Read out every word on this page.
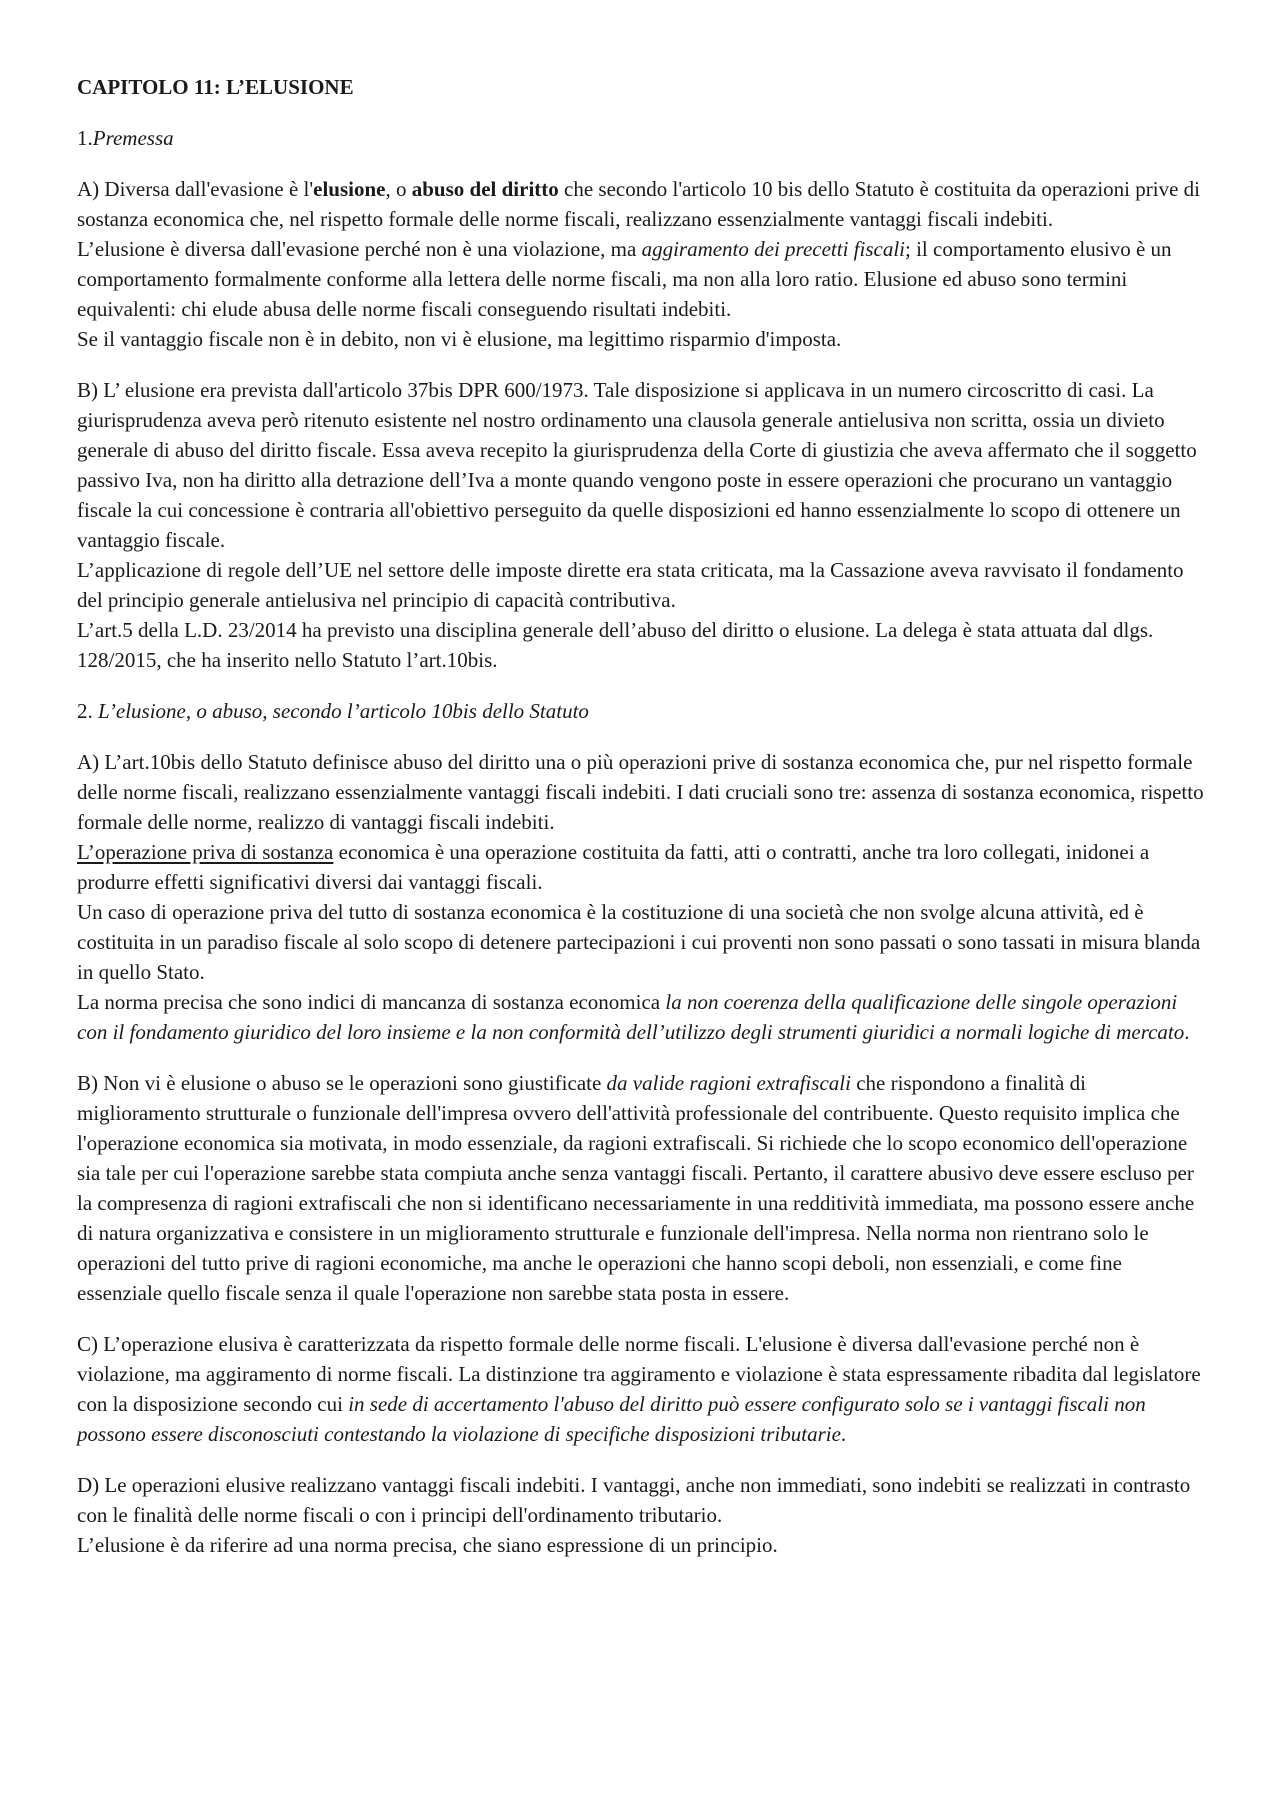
CAPITOLO 11: L’ELUSIONE
1.Premessa

A) Diversa dall'evasione è l'elusione, o abuso del diritto che secondo l'articolo 10 bis dello Statuto è costituita da operazioni prive di sostanza economica che, nel rispetto formale delle norme fiscali, realizzano essenzialmente vantaggi fiscali indebiti.

L’elusione è diversa dall'evasione perché non è una violazione, ma aggiramento dei precetti fiscali; il comportamento elusivo è un comportamento formalmente conforme alla lettera delle norme fiscali, ma non alla loro ratio. Elusione ed abuso sono termini equivalenti: chi elude abusa delle norme fiscali conseguendo risultati indebiti.

Se il vantaggio fiscale non è in debito, non vi è elusione, ma legittimo risparmio d'imposta.

B) L’ elusione era prevista dall'articolo 37bis DPR 600/1973. Tale disposizione si applicava in un numero circoscritto di casi. La giurisprudenza aveva però ritenuto esistente nel nostro ordinamento una clausola generale antielusiva non scritta, ossia un divieto generale di abuso del diritto fiscale. Essa aveva recepito la giurisprudenza della Corte di giustizia che aveva affermato che il soggetto passivo Iva, non ha diritto alla detrazione dell’Iva a monte quando vengono poste in essere operazioni che procurano un vantaggio fiscale la cui concessione è contraria all'obiettivo perseguito da quelle disposizioni ed hanno essenzialmente lo scopo di ottenere un vantaggio fiscale.

L’applicazione di regole dell’UE nel settore delle imposte dirette era stata criticata, ma la Cassazione aveva ravvisato il fondamento del principio generale antielusiva nel principio di capacità contributiva.

L’art.5 della L.D. 23/2014 ha previsto una disciplina generale dell’abuso del diritto o elusione. La delega è stata attuata dal dlgs. 128/2015, che ha inserito nello Statuto l’art.10bis.

2. L’elusione, o abuso, secondo l’articolo 10bis dello Statuto

A) L’art.10bis dello Statuto definisce abuso del diritto una o più operazioni prive di sostanza economica che, pur nel rispetto formale delle norme fiscali, realizzano essenzialmente vantaggi fiscali indebiti. I dati cruciali sono tre: assenza di sostanza economica, rispetto formale delle norme, realizzo di vantaggi fiscali indebiti.

L’operazione priva di sostanza economica è una operazione costituita da fatti, atti o contratti, anche tra loro collegati, inidonei a produrre effetti significativi diversi dai vantaggi fiscali.

Un caso di operazione priva del tutto di sostanza economica è la costituzione di una società che non svolge alcuna attività, ed è costituita in un paradiso fiscale al solo scopo di detenere partecipazioni i cui proventi non sono passati o sono tassati in misura blanda in quello Stato.

La norma precisa che sono indici di mancanza di sostanza economica la non coerenza della qualificazione delle singole operazioni con il fondamento giuridico del loro insieme e la non conformità dell’utilizzo degli strumenti giuridici a normali logiche di mercato.

B) Non vi è elusione o abuso se le operazioni sono giustificate da valide ragioni extrafiscali che rispondono a finalità di miglioramento strutturale o funzionale dell'impresa ovvero dell'attività professionale del contribuente. Questo requisito implica che l'operazione economica sia motivata, in modo essenziale, da ragioni extrafiscali. Si richiede che lo scopo economico dell'operazione sia tale per cui l'operazione sarebbe stata compiuta anche senza vantaggi fiscali. Pertanto, il carattere abusivo deve essere escluso per la compresenza di ragioni extrafiscali che non si identificano necessariamente in una redditività immediata, ma possono essere anche di natura organizzativa e consistere in un miglioramento strutturale e funzionale dell'impresa. Nella norma non rientrano solo le operazioni del tutto prive di ragioni economiche, ma anche le operazioni che hanno scopi deboli, non essenziali, e come fine essenziale quello fiscale senza il quale l'operazione non sarebbe stata posta in essere.

C) L’operazione elusiva è caratterizzata da rispetto formale delle norme fiscali. L'elusione è diversa dall'evasione perché non è violazione, ma aggiramento di norme fiscali. La distinzione tra aggiramento e violazione è stata espressamente ribadita dal legislatore con la disposizione secondo cui in sede di accertamento l'abuso del diritto può essere configurato solo se i vantaggi fiscali non possono essere disconosciuti contestando la violazione di specifiche disposizioni tributarie.

D) Le operazioni elusive realizzano vantaggi fiscali indebiti. I vantaggi, anche non immediati, sono indebiti se realizzati in contrasto con le finalità delle norme fiscali o con i principi dell'ordinamento tributario.

L’elusione è da riferire ad una norma precisa, che siano espressione di un principio.
